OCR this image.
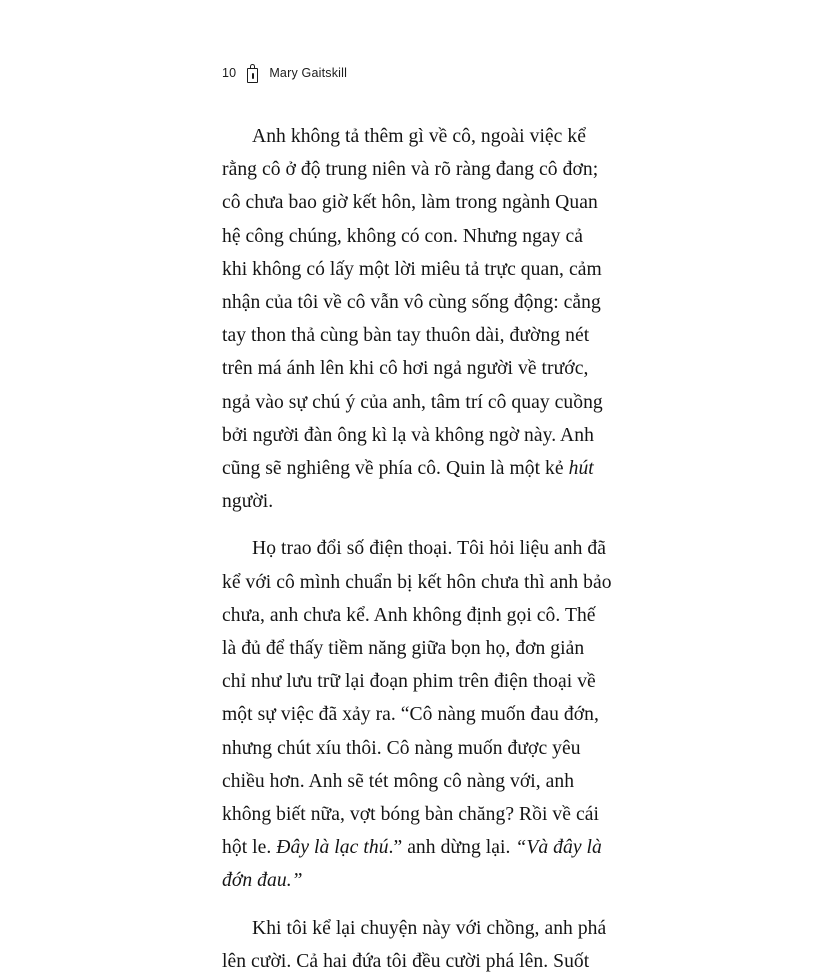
10	Mary Gaitskill

Anh không tả thêm gì về cô, ngoài việc kể rằng cô ở độ trung niên và rõ ràng đang cô đơn; cô chưa bao giờ kết hôn, làm trong ngành Quan hệ công chúng, không có con. Nhưng ngay cả khi không có lấy một lời miêu tả trực quan, cảm nhận của tôi về cô vẫn vô cùng sống động: cẳng tay thon thả cùng bàn tay thuôn dài, đường nét trên má ánh lên khi cô hơi ngả người về trước, ngả vào sự chú ý của anh, tâm trí cô quay cuồng bởi người đàn ông kì lạ và không ngờ này. Anh cũng sẽ nghiêng về phía cô. Quin là một kẻ hút người.

Họ trao đổi số điện thoại. Tôi hỏi liệu anh đã kể với cô mình chuẩn bị kết hôn chưa thì anh bảo chưa, anh chưa kể. Anh không định gọi cô. Thế là đủ để thấy tiềm năng giữa bọn họ, đơn giản chỉ như lưu trữ lại đoạn phim trên điện thoại về một sự việc đã xảy ra. “Cô nàng muốn đau đớn, nhưng chút xíu thôi. Cô nàng muốn được yêu chiều hơn. Anh sẽ tét mông cô nàng với, anh không biết nữa, vợt bóng bàn chăng? Rồi về cái hột le. Đây là lạc thú.” anh dừng lại. “Và đây là đớn đau.”

Khi tôi kể lại chuyện này với chồng, anh phá lên cười. Cả hai đứa tôi đều cười phá lên. Suốt
